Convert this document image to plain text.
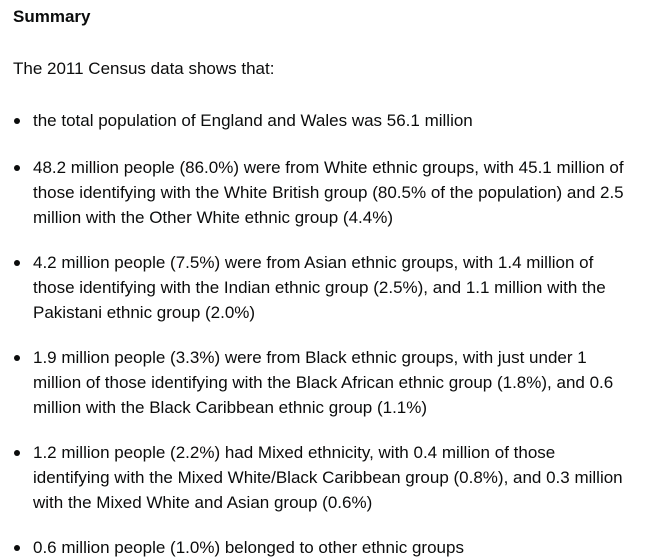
Summary

The 2011 Census data shows that:

the total population of England and Wales was 56.1 million
48.2 million people (86.0%) were from White ethnic groups, with 45.1 million of those identifying with the White British group (80.5% of the population) and 2.5 million with the Other White ethnic group (4.4%)
4.2 million people (7.5%) were from Asian ethnic groups, with 1.4 million of those identifying with the Indian ethnic group (2.5%), and 1.1 million with the Pakistani ethnic group (2.0%)
1.9 million people (3.3%) were from Black ethnic groups, with just under 1 million of those identifying with the Black African ethnic group (1.8%), and 0.6 million with the Black Caribbean ethnic group (1.1%)
1.2 million people (2.2%) had Mixed ethnicity, with 0.4 million of those identifying with the Mixed White/Black Caribbean group (0.8%), and 0.3 million with the Mixed White and Asian group (0.6%)
0.6 million people (1.0%) belonged to other ethnic groups
